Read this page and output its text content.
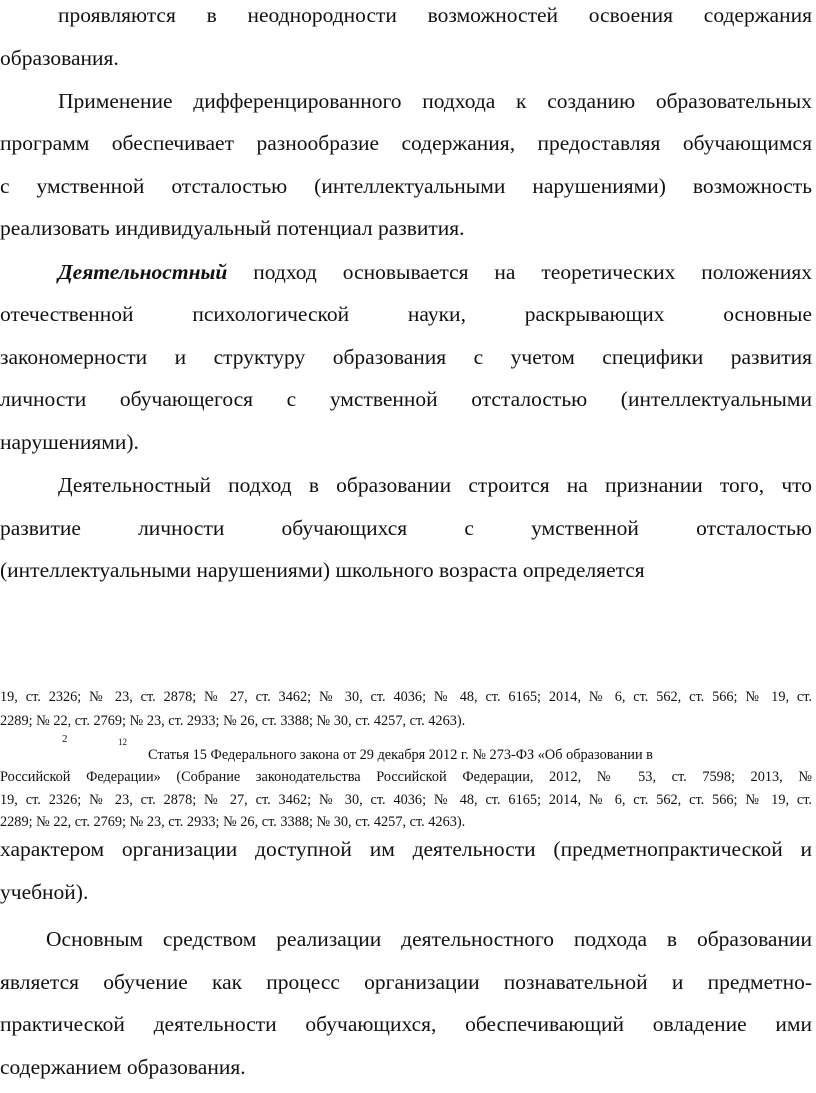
проявляются в неоднородности возможностей освоения содержания
образования.
Применение дифференцированного подхода к созданию образовательных
программ обеспечивает разнообразие содержания, предоставляя обучающимся
с умственной отсталостью (интеллектуальными нарушениями) возможность
реализовать индивидуальный потенциал развития.
Деятельностный подход основывается на теоретических положениях
отечественной психологической науки, раскрывающих основные
закономерности и структуру образования с учетом специфики развития
личности обучающегося с умственной отсталостью (интеллектуальными
нарушениями).
Деятельностный подход в образовании строится на признании того, что
развитие личности обучающихся с умственной отсталостью
(интеллектуальными нарушениями) школьного возраста определяется
19, ст. 2326; № 23, ст. 2878; № 27, ст. 3462; № 30, ст. 4036; № 48, ст. 6165; 2014, № 6, ст. 562, ст. 566; № 19, ст.
2289; № 22, ст. 2769; № 23, ст. 2933; № 26, ст. 3388; № 30, ст. 4257, ст. 4263).
2	12
Статья 15 Федерального закона от 29 декабря 2012 г. № 273-ФЗ «Об образовании в
Российской Федерации» (Собрание законодательства Российской Федерации, 2012, № 53, ст. 7598; 2013, №
19, ст. 2326; № 23, ст. 2878; № 27, ст. 3462; № 30, ст. 4036; № 48, ст. 6165; 2014, № 6, ст. 562, ст. 566; № 19, ст.
2289; № 22, ст. 2769; № 23, ст. 2933; № 26, ст. 3388; № 30, ст. 4257, ст. 4263).
характером организации доступной им деятельности (предметнопрактической и
учебной).
Основным средством реализации деятельностного подхода в образовании
является обучение как процесс организации познавательной и предметно-
практической деятельности обучающихся, обеспечивающий овладение ими
содержанием образования.
